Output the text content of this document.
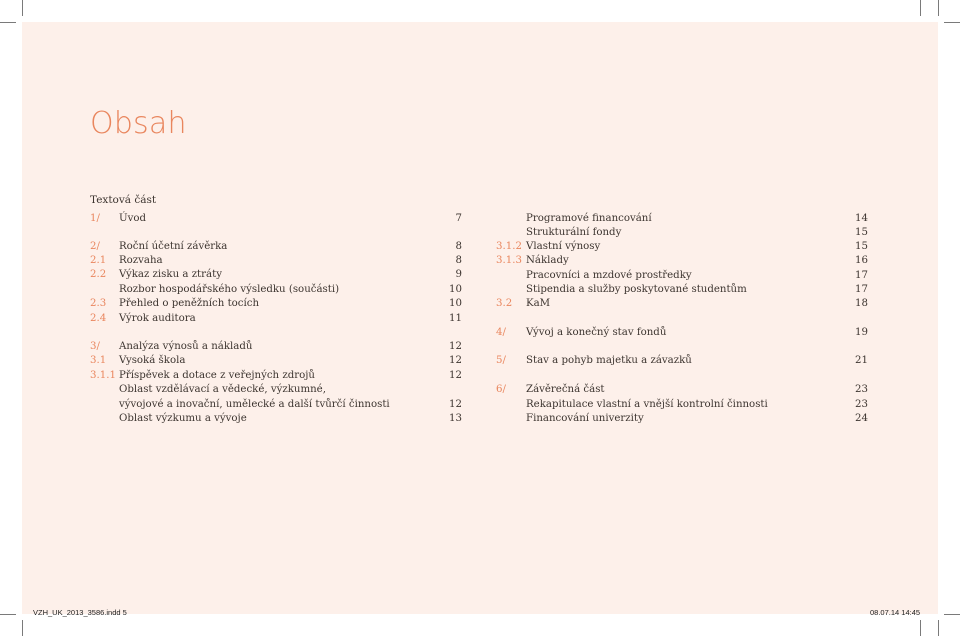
Obsah
Textová část
1/ Úvod	7
2/ Roční účetní závěrka	8
2.1 Rozvaha	8
2.2 Výkaz zisku a ztráty	9
Rozbor hospodářského výsledku (součásti)	10
2.3 Přehled o peněžních tocích	10
2.4 Výrok auditora	11
3/ Analýza výnosů a nákladů	12
3.1 Vysoká škola	12
3.1.1 Příspěvek a dotace z veřejných zdrojů	12
Oblast vzdělávací a vědecké, výzkumné,
vývojové a inovační, umělecké a další tvůrčí činnosti	12
Oblast výzkumu a vývoje	13
Programové financování	14
Strukturální fondy	15
3.1.2 Vlastní výnosy	15
3.1.3 Náklady	16
Pracovníci a mzdové prostředky	17
Stipendia a služby poskytované studentům	17
3.2 KaM	18
4/ Vývoj a konečný stav fondů	19
5/ Stav a pohyb majetku a závazků	21
6/ Závěrečná část	23
Rekapitulace vlastní a vnější kontrolní činnosti	23
Financování univerzity	24
VZH_UK_2013_3586.indd 5	08.07.14 14:45
